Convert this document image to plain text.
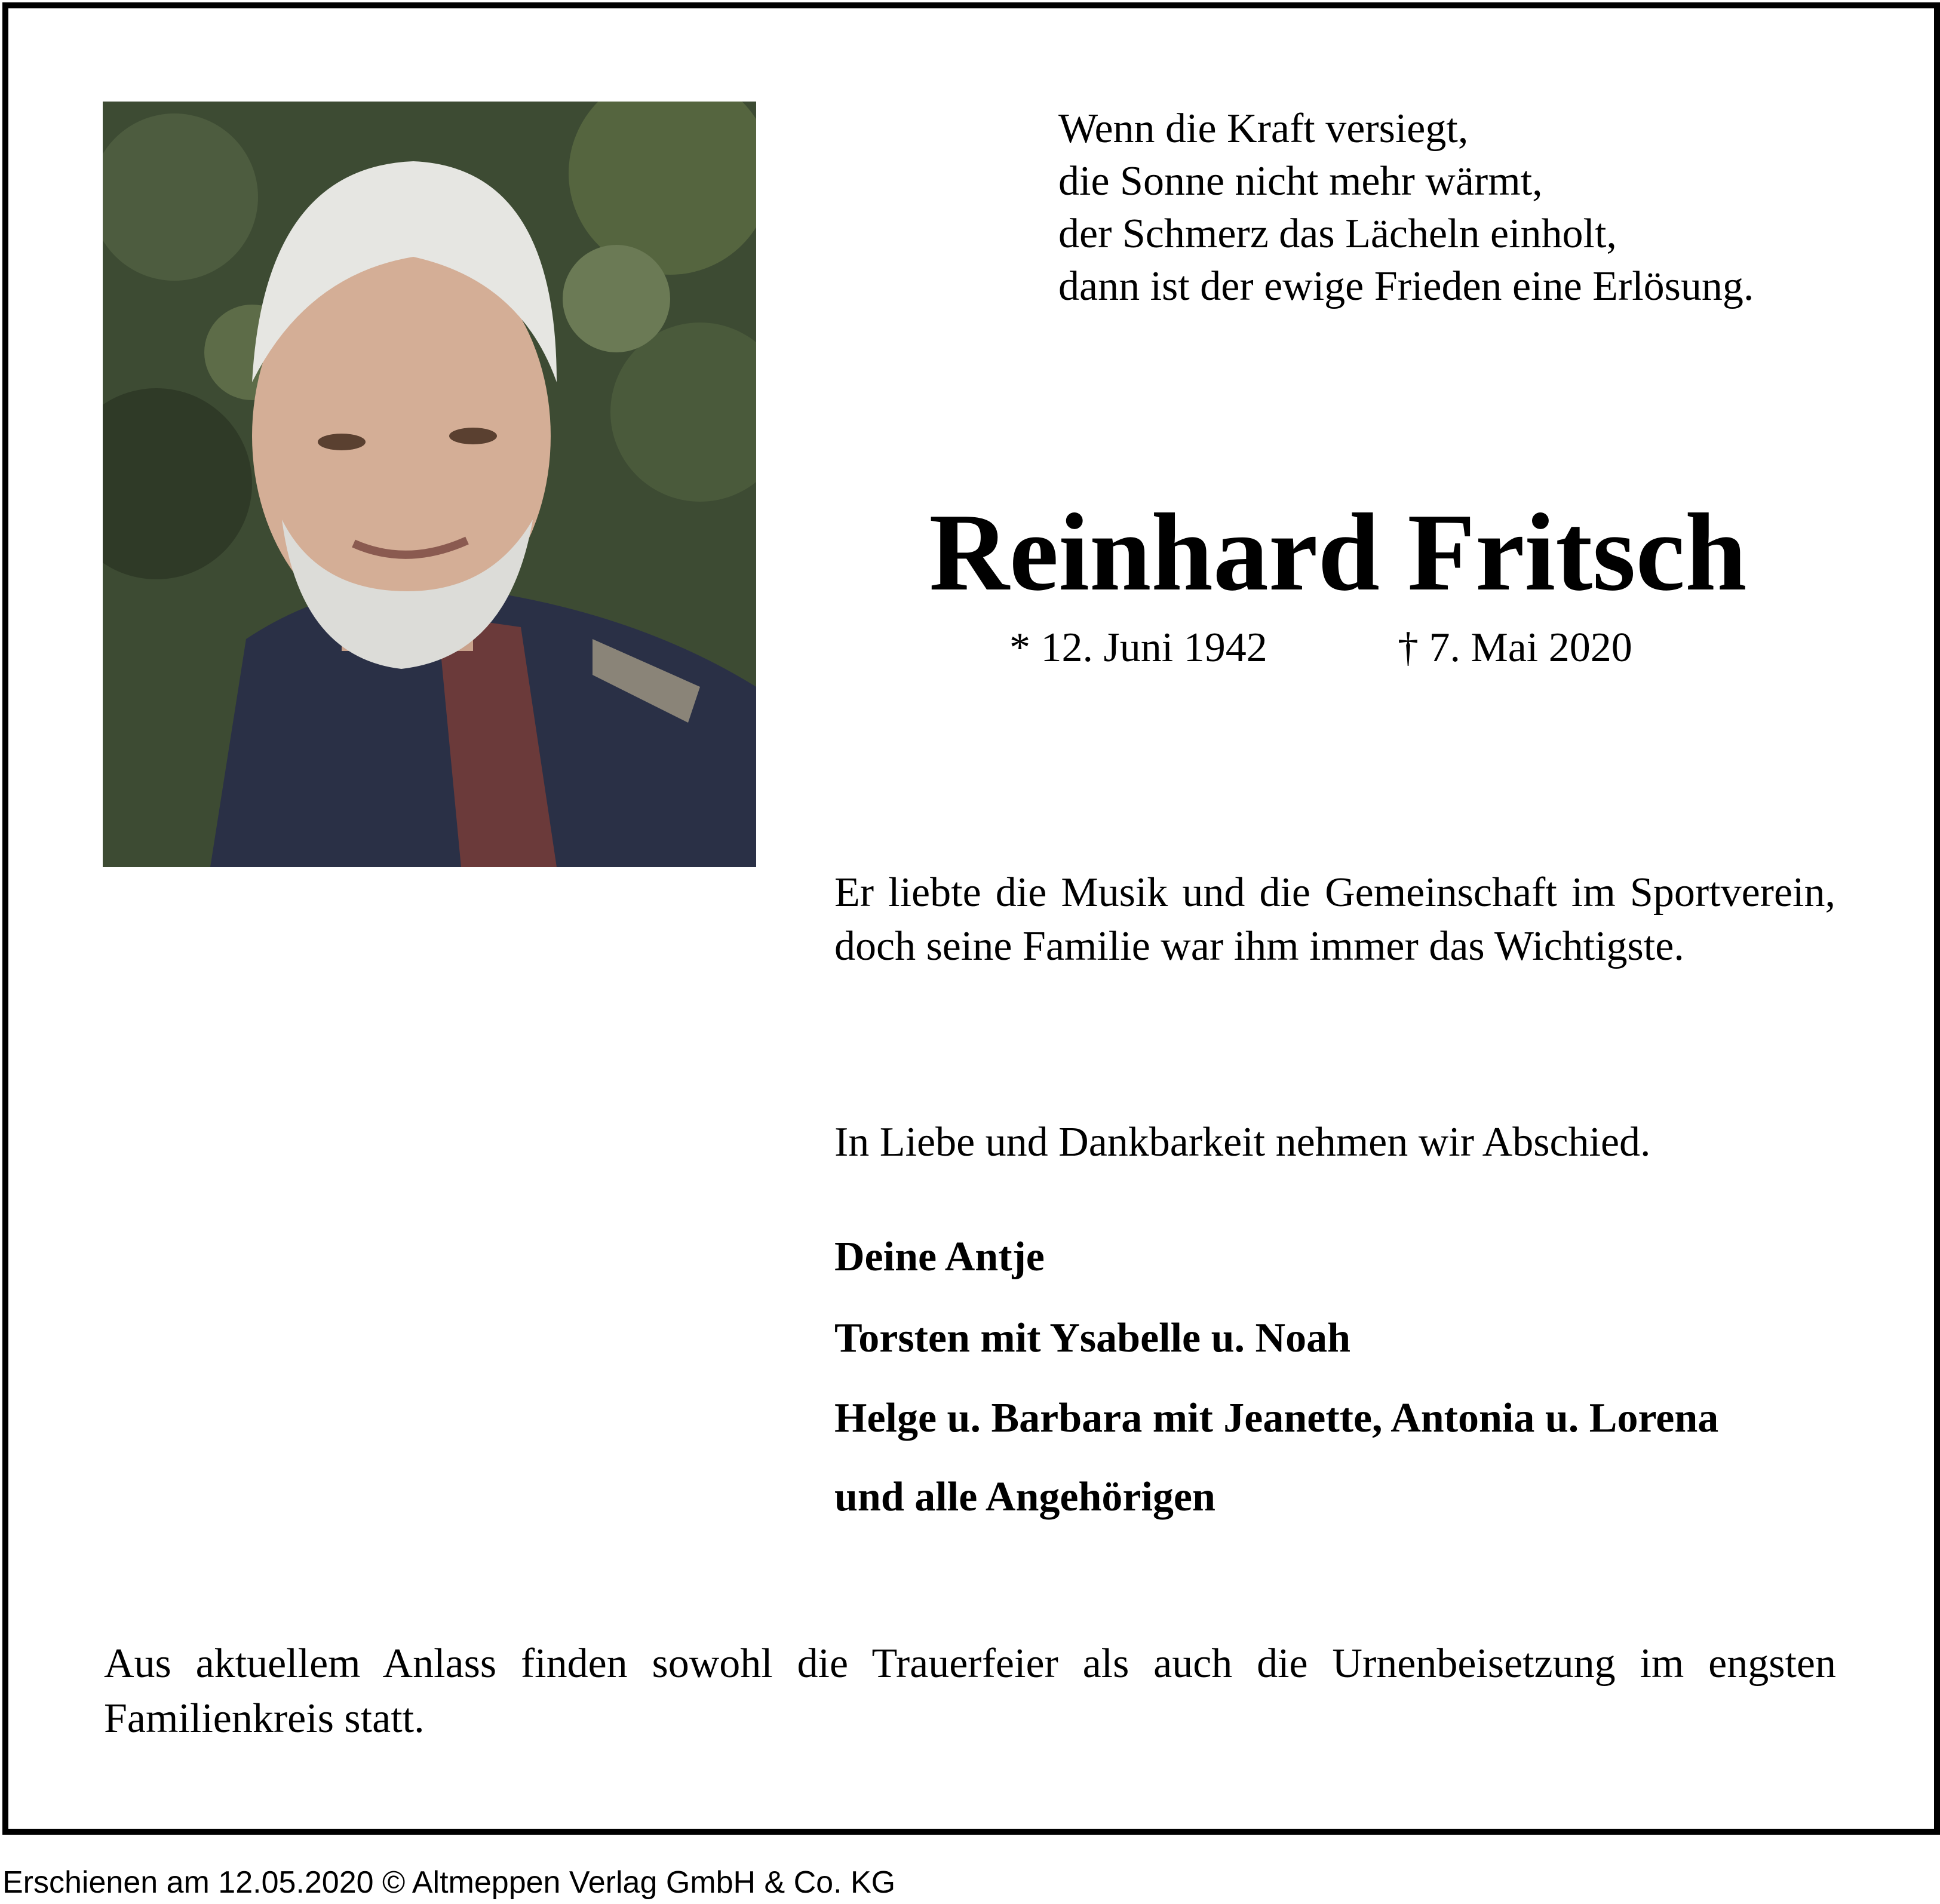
Wenn die Kraft versiegt,
die Sonne nicht mehr wärmt,
der Schmerz das Lächeln einholt,
dann ist der ewige Frieden eine Erlösung.
Reinhard Fritsch
* 12. Juni 1942	† 7. Mai 2020
Er liebte die Musik und die Gemeinschaft im Sportverein, doch seine Familie war ihm immer das Wichtigste.
In Liebe und Dankbarkeit nehmen wir Abschied.
Deine Antje
Torsten mit Ysabelle u. Noah
Helge u. Barbara mit Jeanette, Antonia u. Lorena
und alle Angehörigen
Aus aktuellem Anlass finden sowohl die Trauerfeier als auch die Urnenbeisetzung im engsten Familienkreis statt.
Erschienen am 12.05.2020 © Altmeppen Verlag GmbH & Co. KG
